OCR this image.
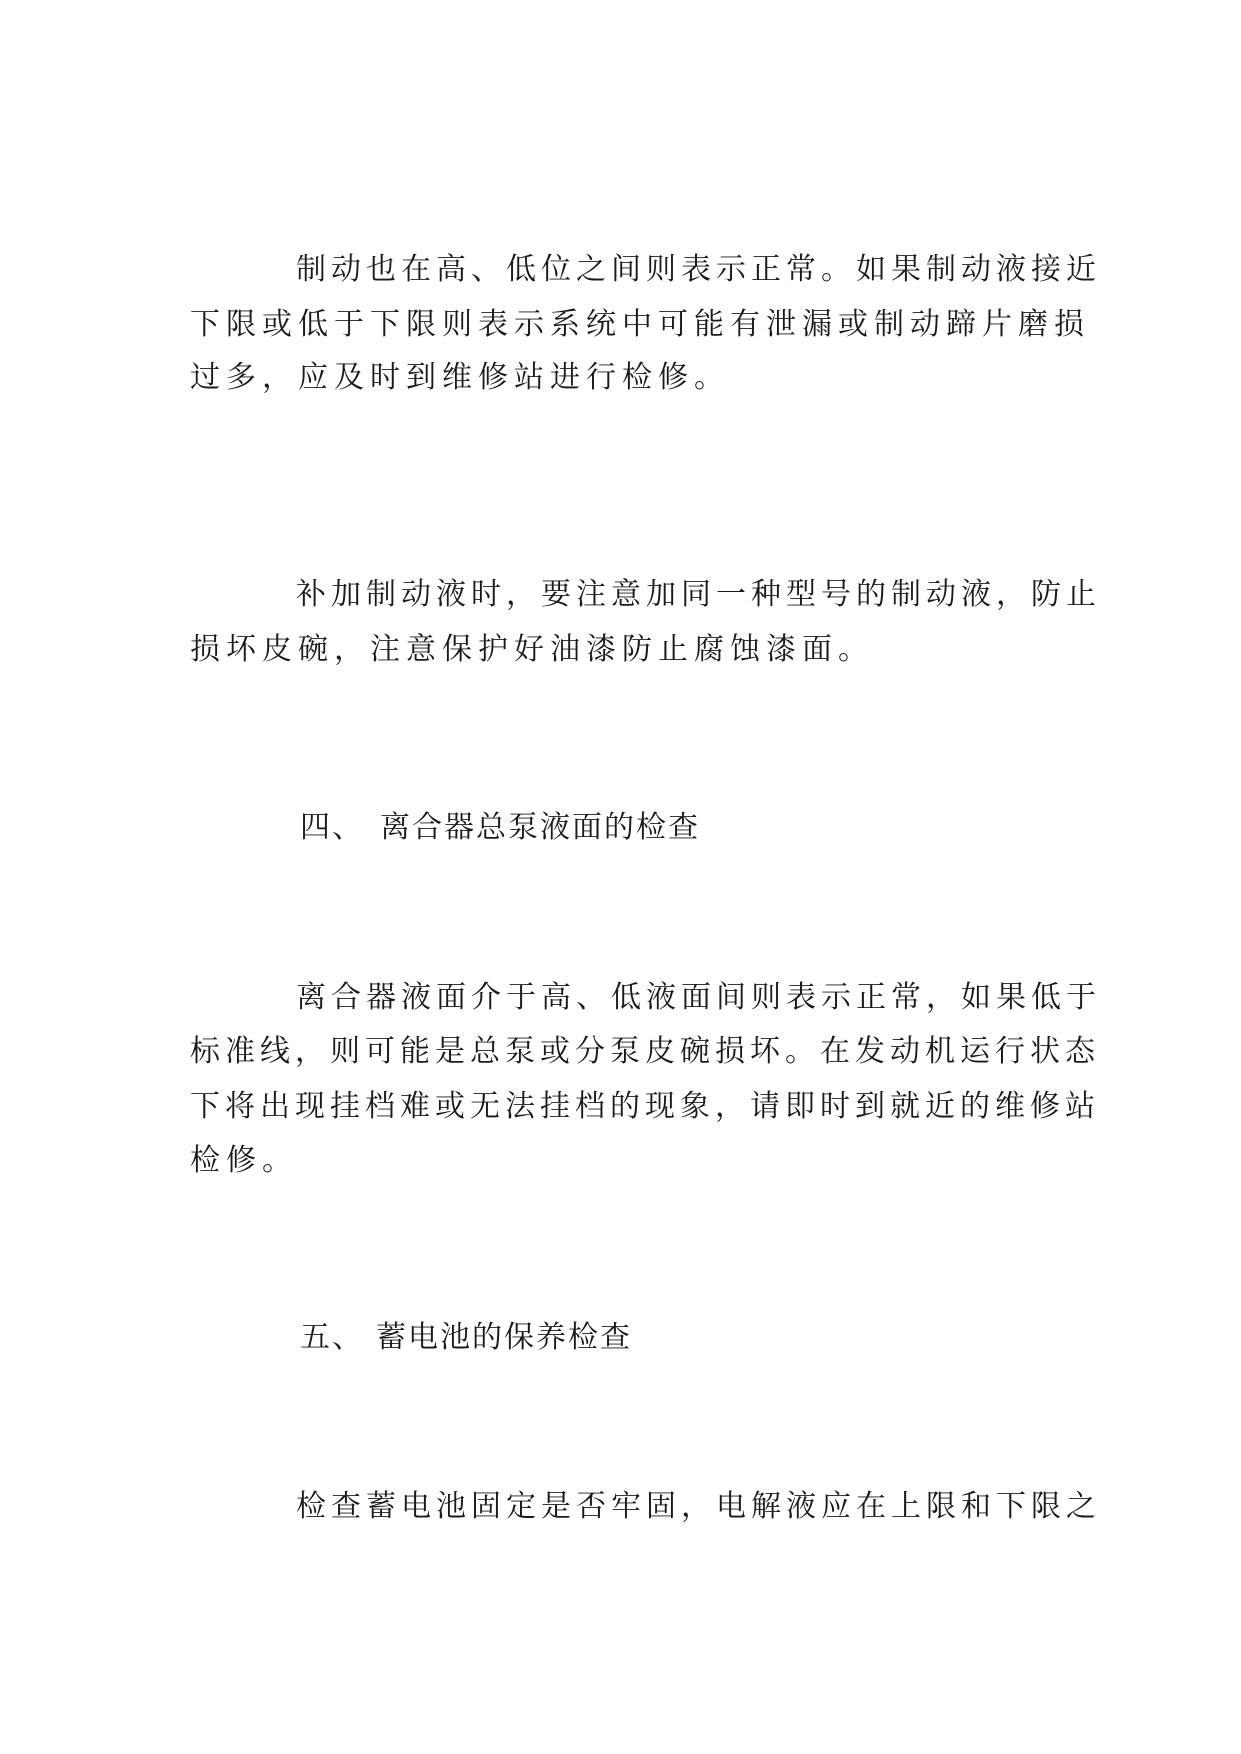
制动也在高、低位之间则表示正常。如果制动液接近
下限或低于下限则表示系统中可能有泄漏或制动蹄片磨损
过多，应及时到维修站进行检修。
补加制动液时，要注意加同一种型号的制动液，防止
损坏皮碗，注意保护好油漆防止腐蚀漆面。
四、 离合器总泵液面的检查
离合器液面介于高、低液面间则表示正常，如果低于
标准线，则可能是总泵或分泵皮碗损坏。在发动机运行状态
下将出现挂档难或无法挂档的现象，请即时到就近的维修站
检修。
五、 蓄电池的保养检查
检查蓄电池固定是否牢固，电解液应在上限和下限之
